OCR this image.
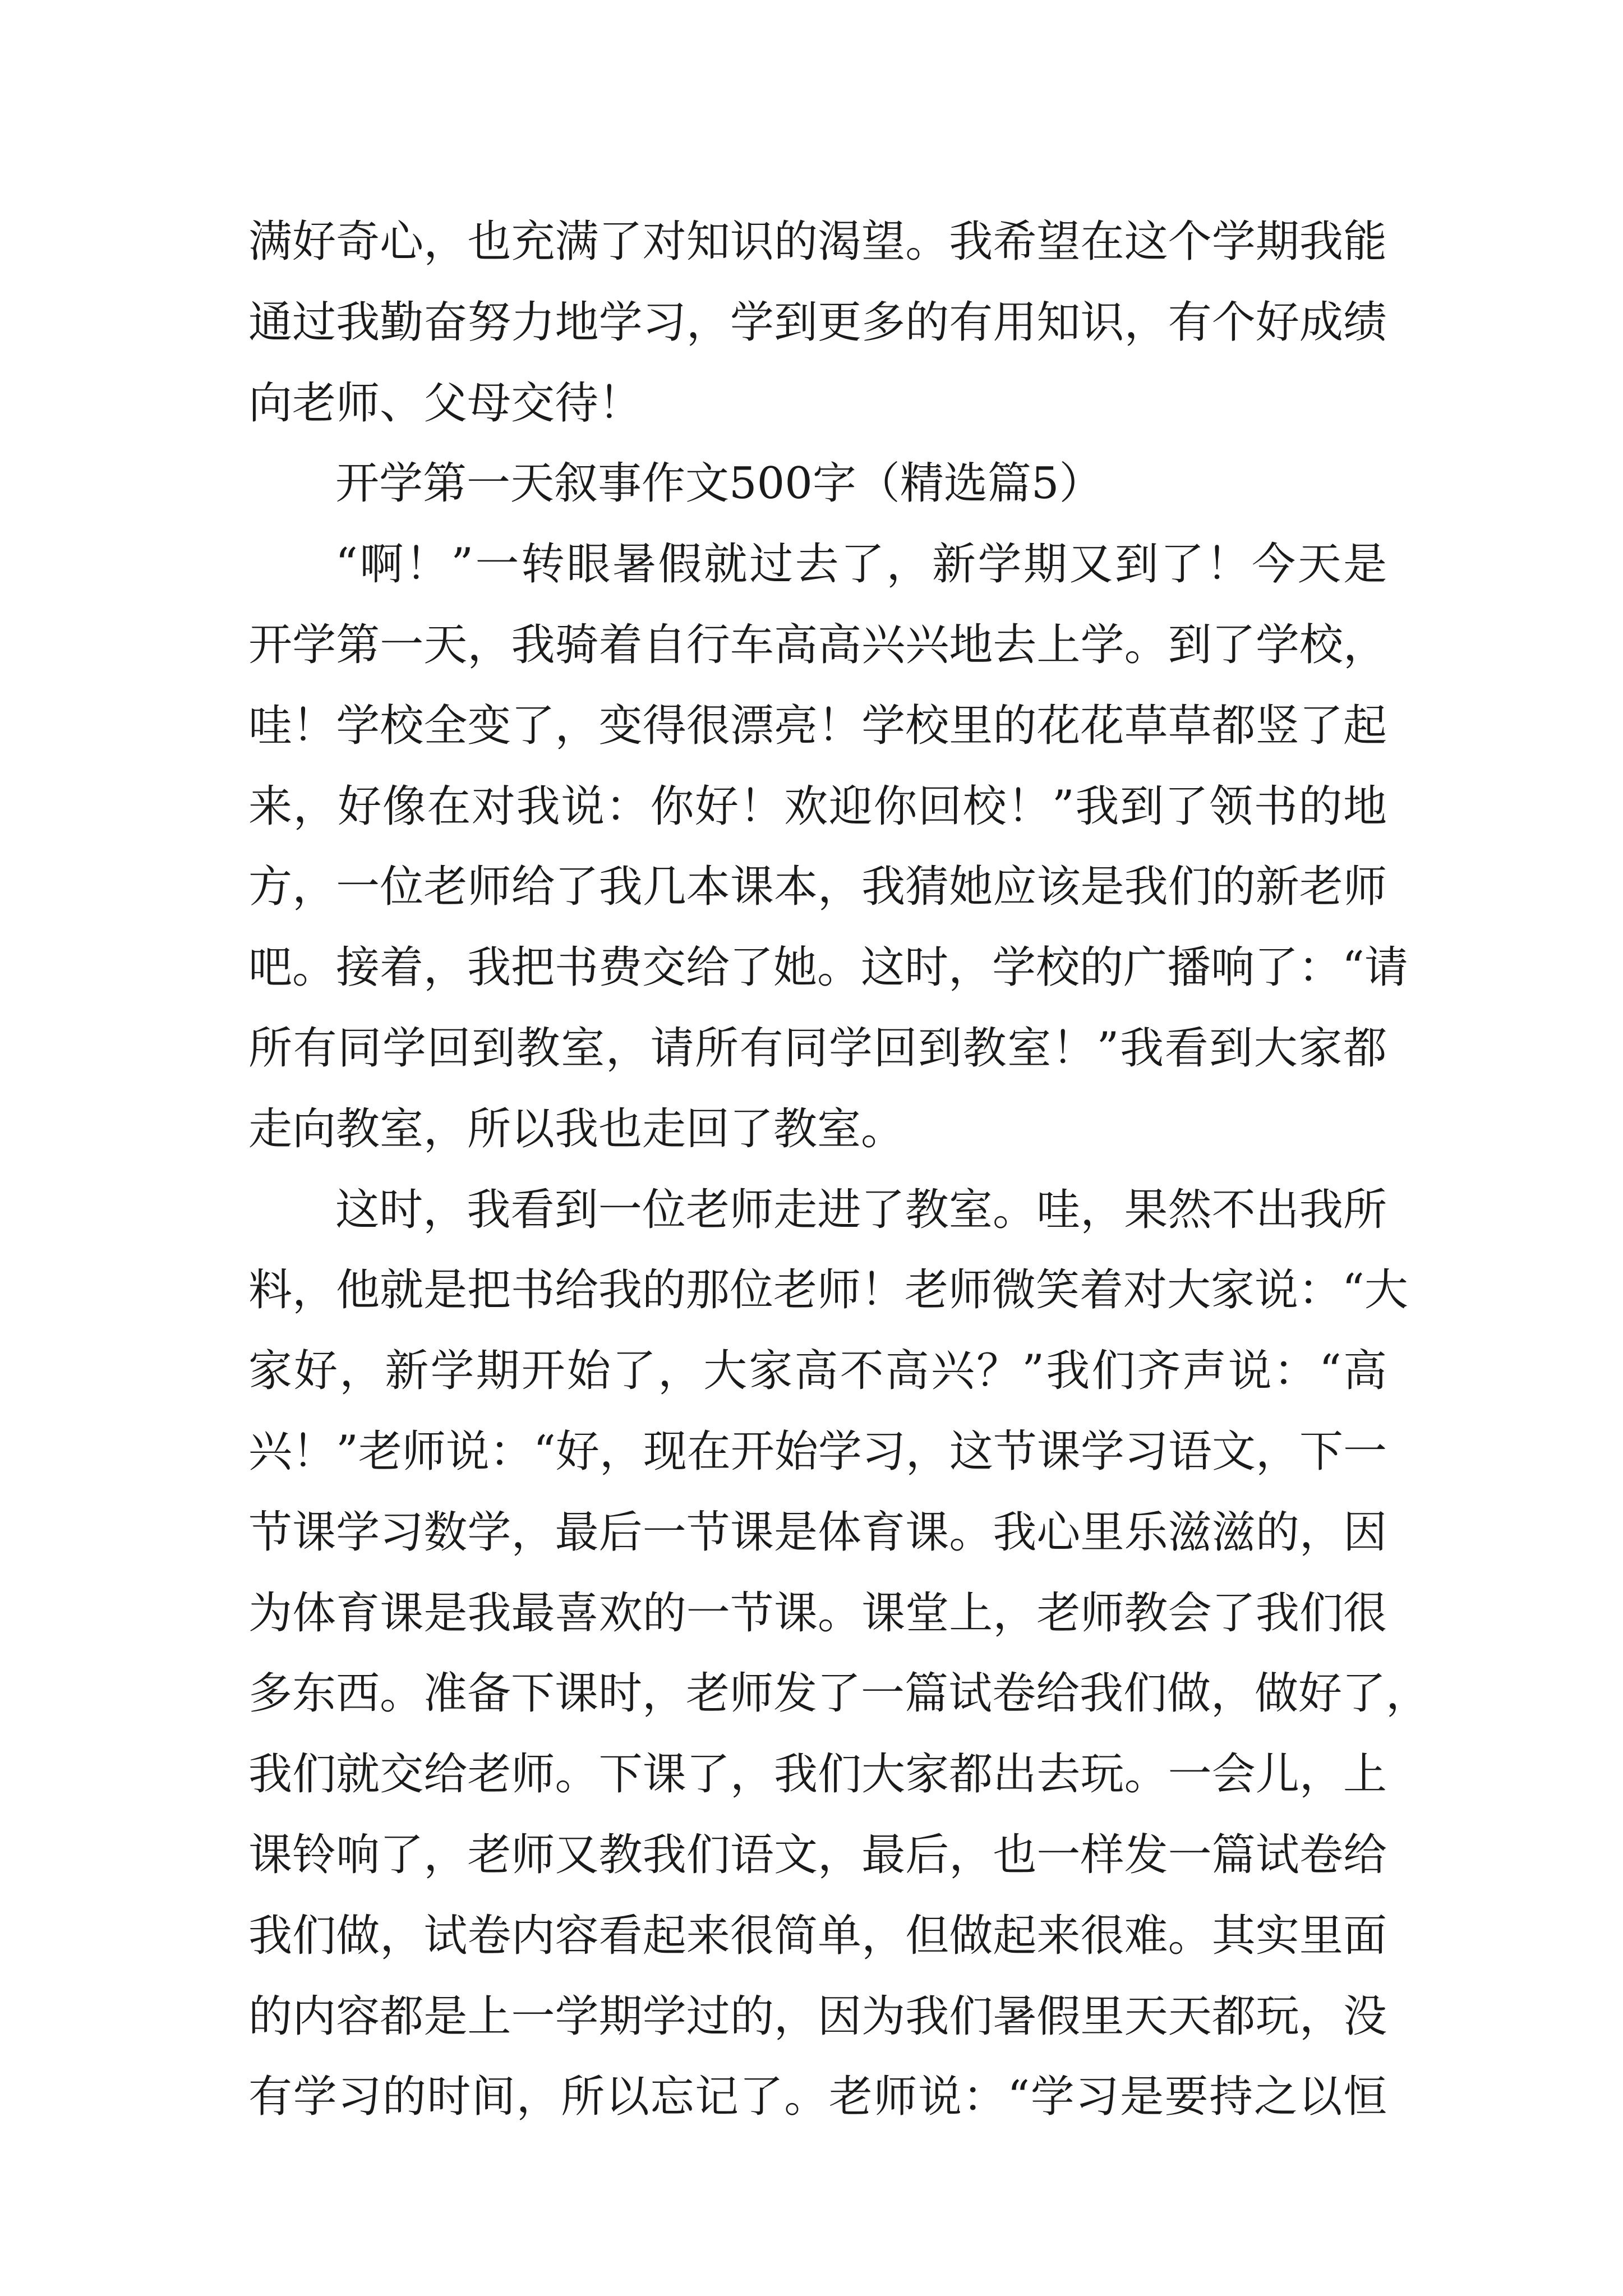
满好奇心，也充满了对知识的渴望。我希望在这个学期我能
通过我勤奋努力地学习，学到更多的有用知识，有个好成绩
向老师、父母交待！
开学第一天叙事作文500字（精选篇5）
“啊！”一转眼暑假就过去了，新学期又到了！今天是
开学第一天，我骑着自行车高高兴兴地去上学。到了学校，
哇！学校全变了，变得很漂亮！学校里的花花草草都竖了起
来，好像在对我说：你好！欢迎你回校！”我到了领书的地
方，一位老师给了我几本课本，我猜她应该是我们的新老师
吧。接着，我把书费交给了她。这时，学校的广播响了：“请
所有同学回到教室，请所有同学回到教室！”我看到大家都
走向教室，所以我也走回了教室。
这时，我看到一位老师走进了教室。哇，果然不出我所
料，他就是把书给我的那位老师！老师微笑着对大家说：“大
家好，新学期开始了，大家高不高兴？”我们齐声说：“高
兴！”老师说：“好，现在开始学习，这节课学习语文，下一
节课学习数学，最后一节课是体育课。我心里乐滋滋的，因
为体育课是我最喜欢的一节课。课堂上，老师教会了我们很
多东西。准备下课时，老师发了一篇试卷给我们做，做好了，
我们就交给老师。下课了，我们大家都出去玩。一会儿，上
课铃响了，老师又教我们语文，最后，也一样发一篇试卷给
我们做，试卷内容看起来很简单，但做起来很难。其实里面
的内容都是上一学期学过的，因为我们暑假里天天都玩，没
有学习的时间，所以忘记了。老师说：“学习是要持之以恒
